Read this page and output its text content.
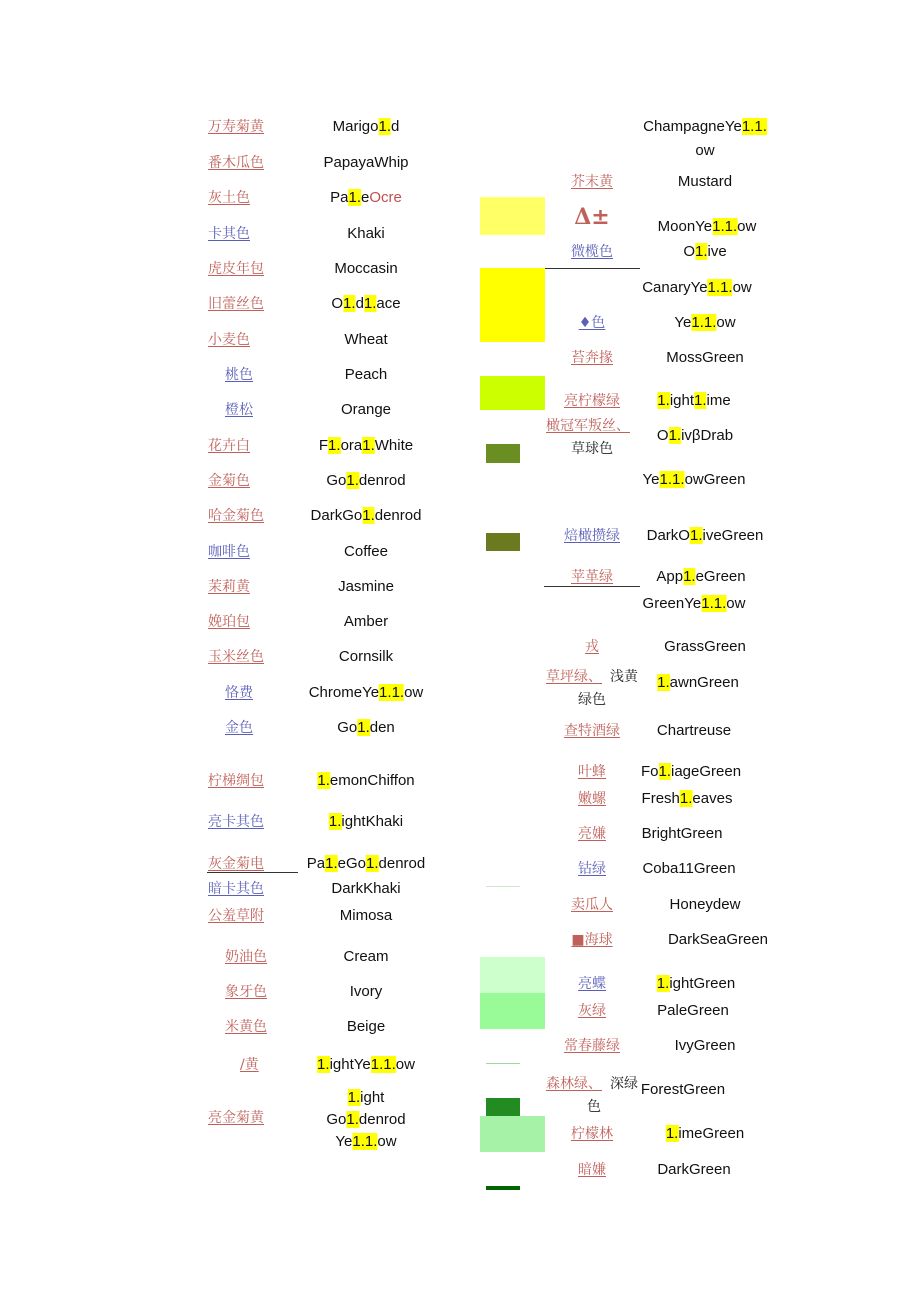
万寿菊黄	Marigo1.d
番木瓜色	PapayaWhip
灰土色	Pa1.eOcre
卡其色	Khaki
虎皮年包	Moccasin
旧蕾丝色	O1.d1.ace
小麦色	Wheat
桃色	Peach
橙松	Orange
花卉白	F1.ora1.White
金菊色	Go1.denrod
哈金菊色	DarkGo1.denrod
咖啡色	Coffee
茉莉黄	Jasmine
娩珀包	Amber
玉米丝色	Cornsilk
恪费	ChromeYe1.1.ow
金色	Go1.den
柠梯绸包	1.emonChiffon
亮卡其色	1.ightKhaki
灰金菊电	Pa1.eGo1.denrod
暗卡其色	DarkKhaki
公羞草附	Mimosa
奶油色	Cream
象牙色	Ivory
米黄色	Beige
/黄	1.ightYe1.1.ow
亮金菊黄
1.ight
Go1.denrod
Ye1.1.ow
ChampagneYe1.1.
ow
芥末黄	Mustard
Δ±	MoonYe1.1.ow
微榄色	O1.ive
CanaryYe1.1.ow
♦色	Ye1.1.ow
苔奔掾	MossGreen
亮柠檬绿 1.ight1.ime
橄冠军叛丝、
草球色
O1.ivβDrab
Ye1.1.owGreen
焙橄攒绿 DarkO1.iveGreen
苹革绿	App1.eGreen
GreenYe1.1.ow
戎	GrassGreen
草坪绿、 浅黄
绿色
1.awnGreen
查特酒绿 Chartreuse
叶蜂 Fo1.iageGreen
嫩螺 Fresh1.eaves
亮嫌 BrightGreen
钴绿 Coba11Green
卖瓜人	Honeydew
■海球	DarkSeaGreen
亮蝶	1.ightGreen
灰绿	PaleGreen
常春藤绿	IvyGreen
森林绿、 深绿
色
ForestGreen
柠檬林	1.imeGreen
暗嫌	DarkGreen
